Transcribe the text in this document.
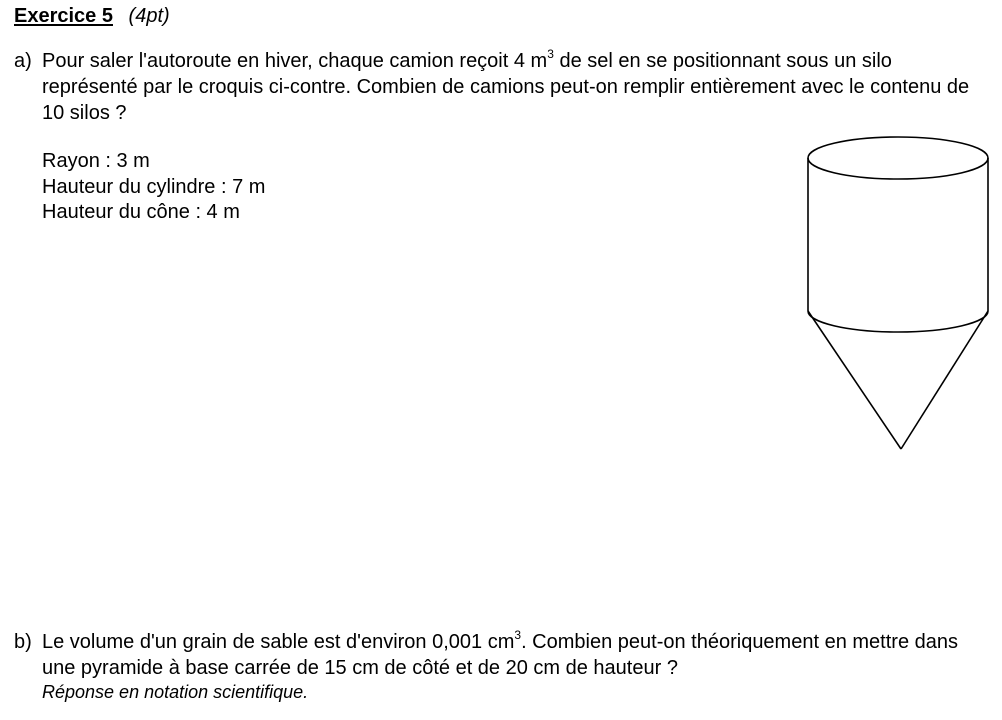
Exercice 5 (4pt)
a) Pour saler l'autoroute en hiver, chaque camion reçoit 4 $m^3$ de sel en se positionnant sous un silo représenté par le croquis ci-contre. Combien de camions peut-on remplir entièrement avec le contenu de 10 silos ?
Rayon : 3 m
Hauteur du cylindre : 7 m
Hauteur du cône : 4 m
b) Le volume d'un grain de sable est d'environ 0,001 $cm^3$. Combien peut-on théoriquement en mettre dans une pyramide à base carrée de 15 cm de côté et de 20 cm de hauteur ?
Réponse en notation scientifique.
